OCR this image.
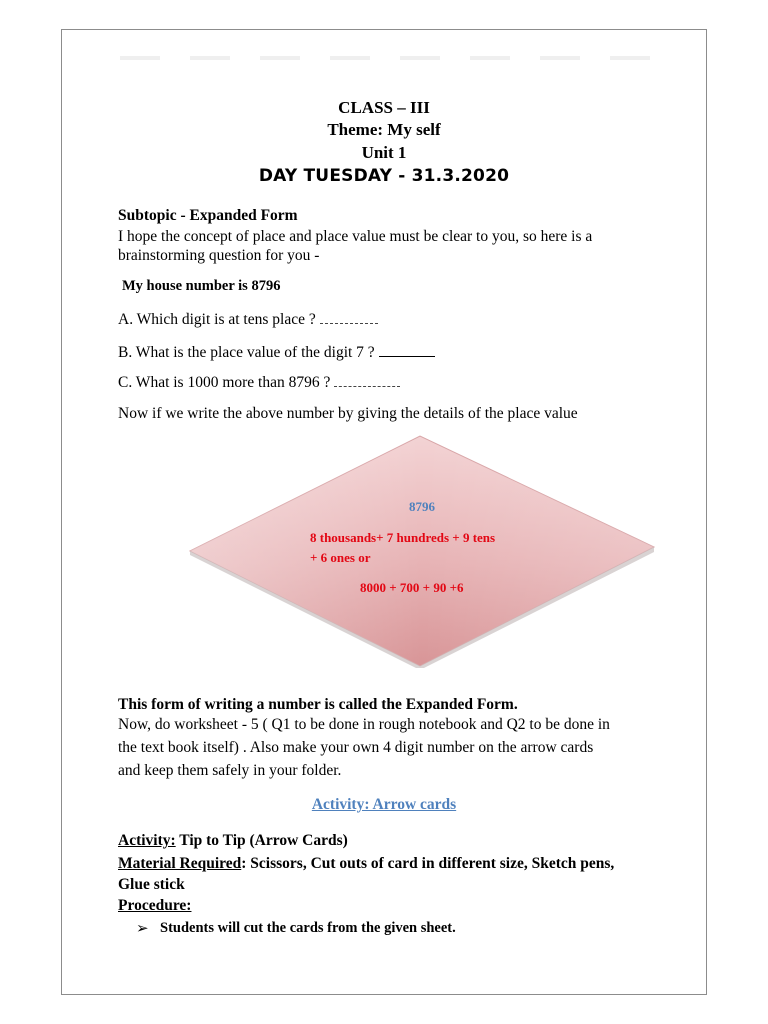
CLASS – III
Theme: My self
Unit 1
DAY TUESDAY - 31.3.2020
Subtopic - Expanded Form
I hope the concept of place and place value must be clear to you, so here is a
brainstorming question for you -
My house number is 8796
A. Which digit is at tens place ?
B. What is the place value of the digit 7 ?
C. What is 1000 more than 8796 ?
Now if we write the above number by giving the details of the place value
8796
8 thousands+ 7 hundreds + 9 tens
+ 6 ones or
8000 + 700 + 90 +6
This form of writing a number is called the Expanded Form.
Now, do worksheet - 5 ( Q1 to be done in rough notebook and Q2 to be done in
the text book itself) . Also make your own 4 digit number on the arrow cards
and keep them safely in your folder.
Activity: Arrow cards
Activity: Tip to Tip (Arrow Cards)
Material Required: Scissors, Cut outs of card in different size, Sketch pens,
Glue stick
Procedure:
➢ Students will cut the cards from the given sheet.
